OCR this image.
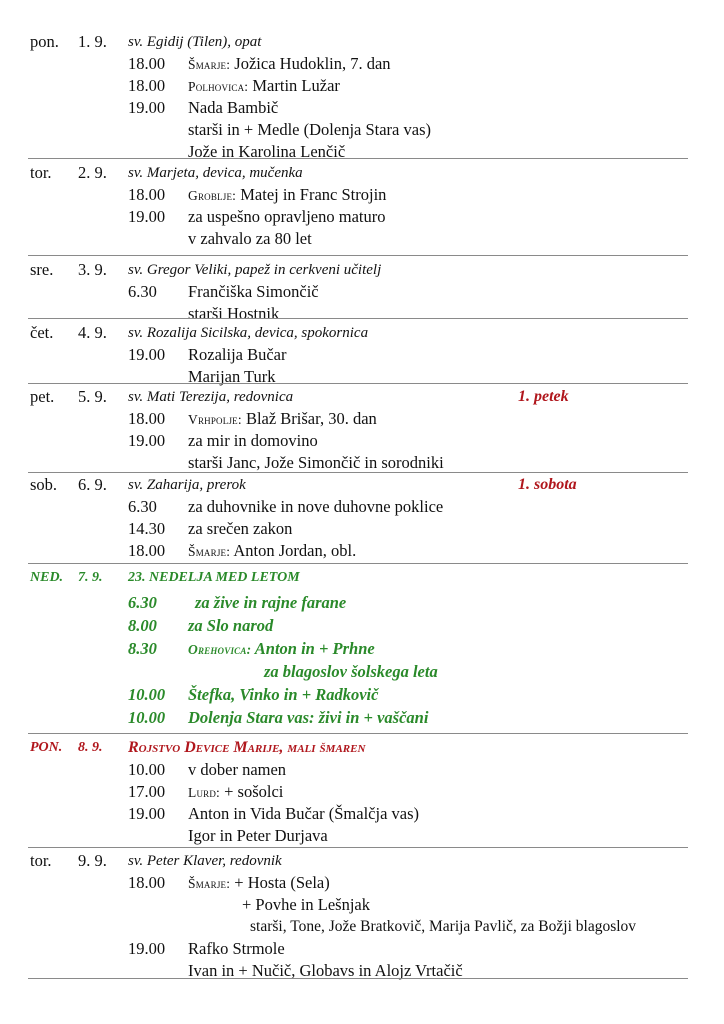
pon. 1. 9. sv. Egidij (Tilen), opat
18.00 Šmarje: Jožica Hudoklin, 7. dan
18.00 Polhovica: Martin Lužar
19.00 Nada Bambič
starši in + Medle (Dolenja Stara vas)
Jože in Karolina Lenčič
tor. 2. 9. sv. Marjeta, devica, mučenka
18.00 Groblje: Matej in Franc Strojin
19.00 za uspešno opravljeno maturo
v zahvalo za 80 let
sre. 3. 9. sv. Gregor Veliki, papež in cerkveni učitelj
6.30 Frančiška Simončič
starši Hostnik
čet. 4. 9. sv. Rozalija Sicilska, devica, spokornica
19.00 Rozalija Bučar
Marijan Turk
pet. 5. 9. sv. Mati Terezija, redovnica	1. petek
18.00 Vrhpolje: Blaž Brišar, 30. dan
19.00 za mir in domovino
starši Janc, Jože Simončič in sorodniki
sob. 6. 9. sv. Zaharija, prerok	1. sobota
6.30 za duhovnike in nove duhovne poklice
14.30 za srečen zakon
18.00 Šmarje: Anton Jordan, obl.
NED. 7. 9. 23. NEDELJA MED LETOM
6.30 za žive in rajne farane
8.00 za Slo narod
8.30 Orehovica: Anton in + Prhne
za blagoslov šolskega leta
10.00 Štefka, Vinko in + Radkovič
10.00 Dolenja Stara vas: živi in + vaščani
PON. 8. 9. Rojstvo Device Marije, mali šmaren
10.00 v dober namen
17.00 Lurd: + sošolci
19.00 Anton in Vida Bučar (Šmalčja vas)
Igor in Peter Durjava
tor. 9. 9. sv. Peter Klaver, redovnik
18.00 Šmarje: + Hosta (Sela)
+ Povhe in Lešnjak
starši, Tone, Jože Bratkovič, Marija Pavlič, za Božji blagoslov
19.00 Rafko Strmole
Ivan in + Nučič, Globavs in Alojz Vrtačič
